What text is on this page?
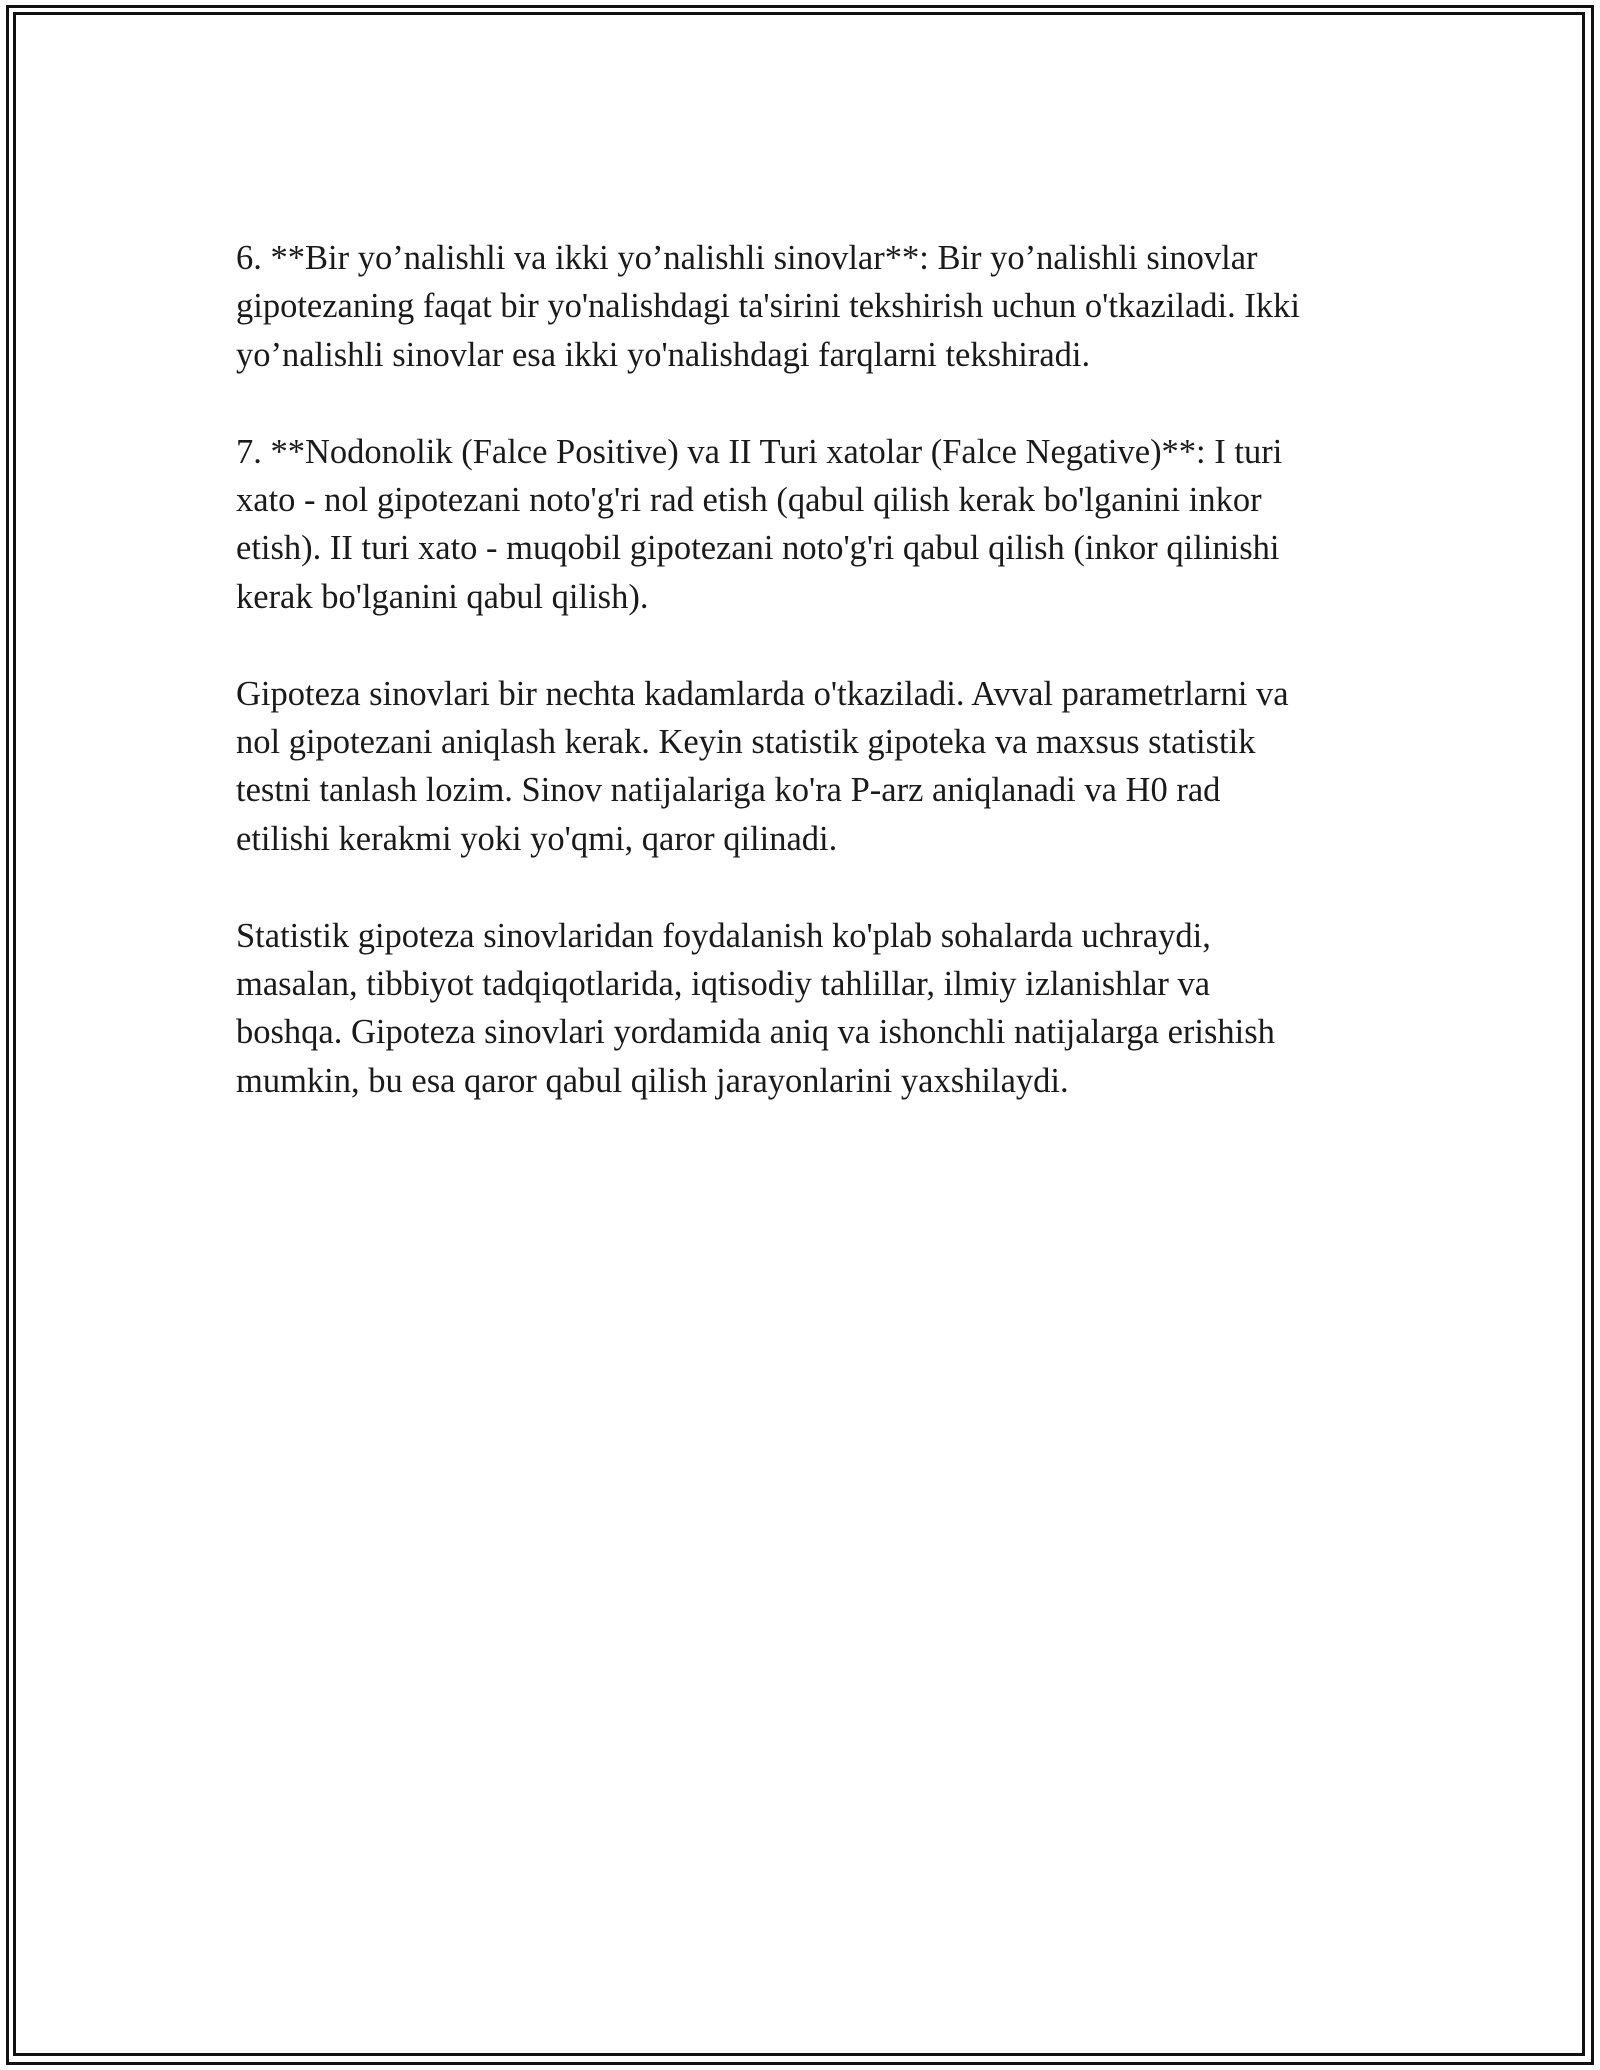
6. **Bir yo’nalishli va ikki yo’nalishli sinovlar**: Bir yo’nalishli sinovlar
gipotezaning faqat bir yo'nalishdagi ta'sirini tekshirish uchun o'tkaziladi. Ikki
yo’nalishli sinovlar esa ikki yo'nalishdagi farqlarni tekshiradi.

7. **Nodonolik (Falce Positive) va II Turi xatolar (Falce Negative)**: I turi
xato - nol gipotezani noto'g'ri rad etish (qabul qilish kerak bo'lganini inkor
etish). II turi xato - muqobil gipotezani noto'g'ri qabul qilish (inkor qilinishi
kerak bo'lganini qabul qilish).

Gipoteza sinovlari bir nechta kadamlarda o'tkaziladi. Avval parametrlarni va
nol gipotezani aniqlash kerak. Keyin statistik gipoteka va maxsus statistik
testni tanlash lozim. Sinov natijalariga ko'ra P-arz aniqlanadi va H0 rad
etilishi kerakmi yoki yo'qmi, qaror qilinadi.

Statistik gipoteza sinovlaridan foydalanish ko'plab sohalarda uchraydi,
masalan, tibbiyot tadqiqotlarida, iqtisodiy tahlillar, ilmiy izlanishlar va
boshqa. Gipoteza sinovlari yordamida aniq va ishonchli natijalarga erishish
mumkin, bu esa qaror qabul qilish jarayonlarini yaxshilaydi.
